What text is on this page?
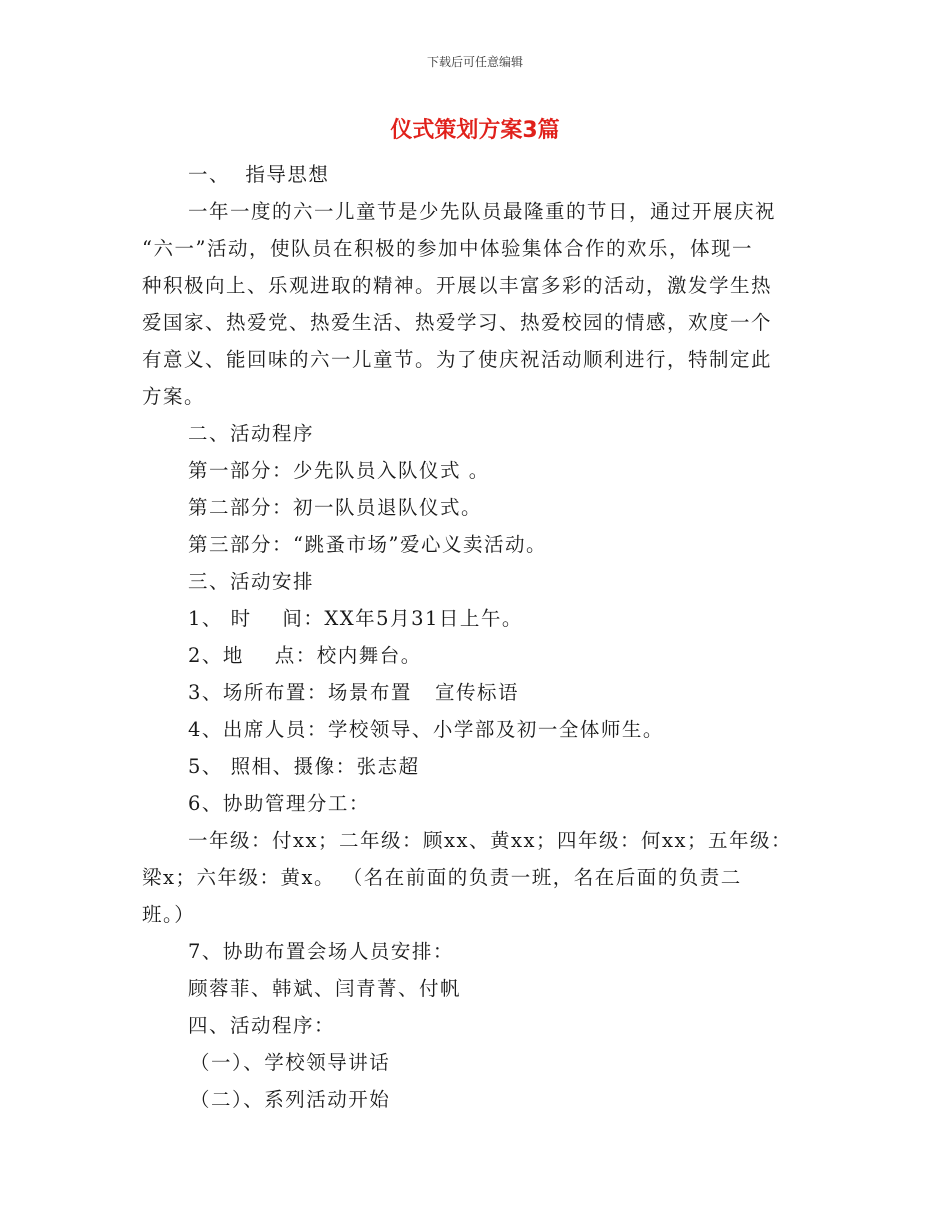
下载后可任意编辑
仪式策划方案3篇
一、  指导思想
一年一度的六一儿童节是少先队员最隆重的节日，通过开展庆祝
“六一”活动，使队员在积极的参加中体验集体合作的欢乐，体现一
种积极向上、乐观进取的精神。开展以丰富多彩的活动，激发学生热
爱国家、热爱党、热爱生活、热爱学习、热爱校园的情感，欢度一个
有意义、能回味的六一儿童节。为了使庆祝活动顺利进行，特制定此
方案。
二、活动程序
第一部分：少先队员入队仪式 。
第二部分：初一队员退队仪式。
第三部分：“跳蚤市场”爱心义卖活动。
三、活动安排
1、 时    间：XX年5月31日上午。
2、地    点：校内舞台。
3、场所布置：场景布置   宣传标语
4、出席人员：学校领导、小学部及初一全体师生。
5、 照相、摄像：张志超
6、协助管理分工：
一年级：付xx；二年级：顾xx、黄xx；四年级：何xx；五年级：
梁x；六年级：黄x。 （名在前面的负责一班，名在后面的负责二
班。）
7、协助布置会场人员安排：
顾蓉菲、韩斌、闫青菁、付帆
四、活动程序：
（一）、学校领导讲话
（二）、系列活动开始
